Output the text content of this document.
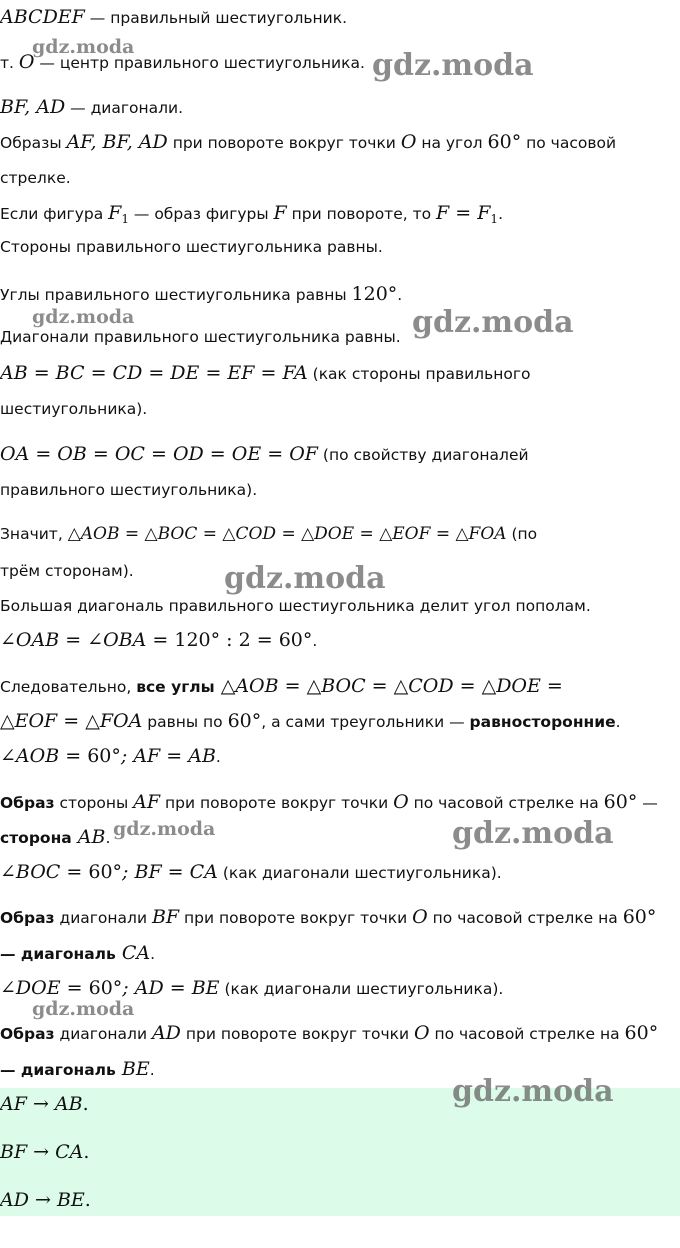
ABCDEF — правильный шестиугольник.
т. O — центр правильного шестиугольника.
BF, AD — диагонали.
Образы AF, BF, AD при повороте вокруг точки O на угол 60° по часовой
стрелке.
Если фигура $F_1$ — образ фигуры F при повороте, то $F = F_1$.
Стороны правильного шестиугольника равны.
Углы правильного шестиугольника равны 120°.
Диагонали правильного шестиугольника равны.
AB = BC = CD = DE = EF = FA (как стороны правильного
шестиугольника).
OA = OB = OC = OD = OE = OF (по свойству диагоналей
правильного шестиугольника).
Значит, △AOB = △BOC = △COD = △DOE = △EOF = △FOA (по
трём сторонам).
Большая диагональ правильного шестиугольника делит угол пополам.
∠OAB = ∠OBA = 120° : 2 = 60°.
Следовательно, все углы △AOB = △BOC = △COD = △DOE =
△EOF = △FOA равны по 60°, а сами треугольники — равносторонние.
∠AOB = 60°; AF = AB.
Образ стороны AF при повороте вокруг точки O по часовой стрелке на 60° —
сторона AB.
∠BOC = 60°; BF = CA (как диагонали шестиугольника).
Образ диагонали BF при повороте вокруг точки O по часовой стрелке на 60°
— диагональ CA.
∠DOE = 60°; AD = BE (как диагонали шестиугольника).
Образ диагонали AD при повороте вокруг точки O по часовой стрелке на 60°
— диагональ BE.
AF → AB.
BF → CA.
AD → BE.
gdz.moda
gdz.moda
gdz.moda	gdz.moda
gdz.moda
gdz.moda	gdz.moda
gdz.moda
gdz.moda
